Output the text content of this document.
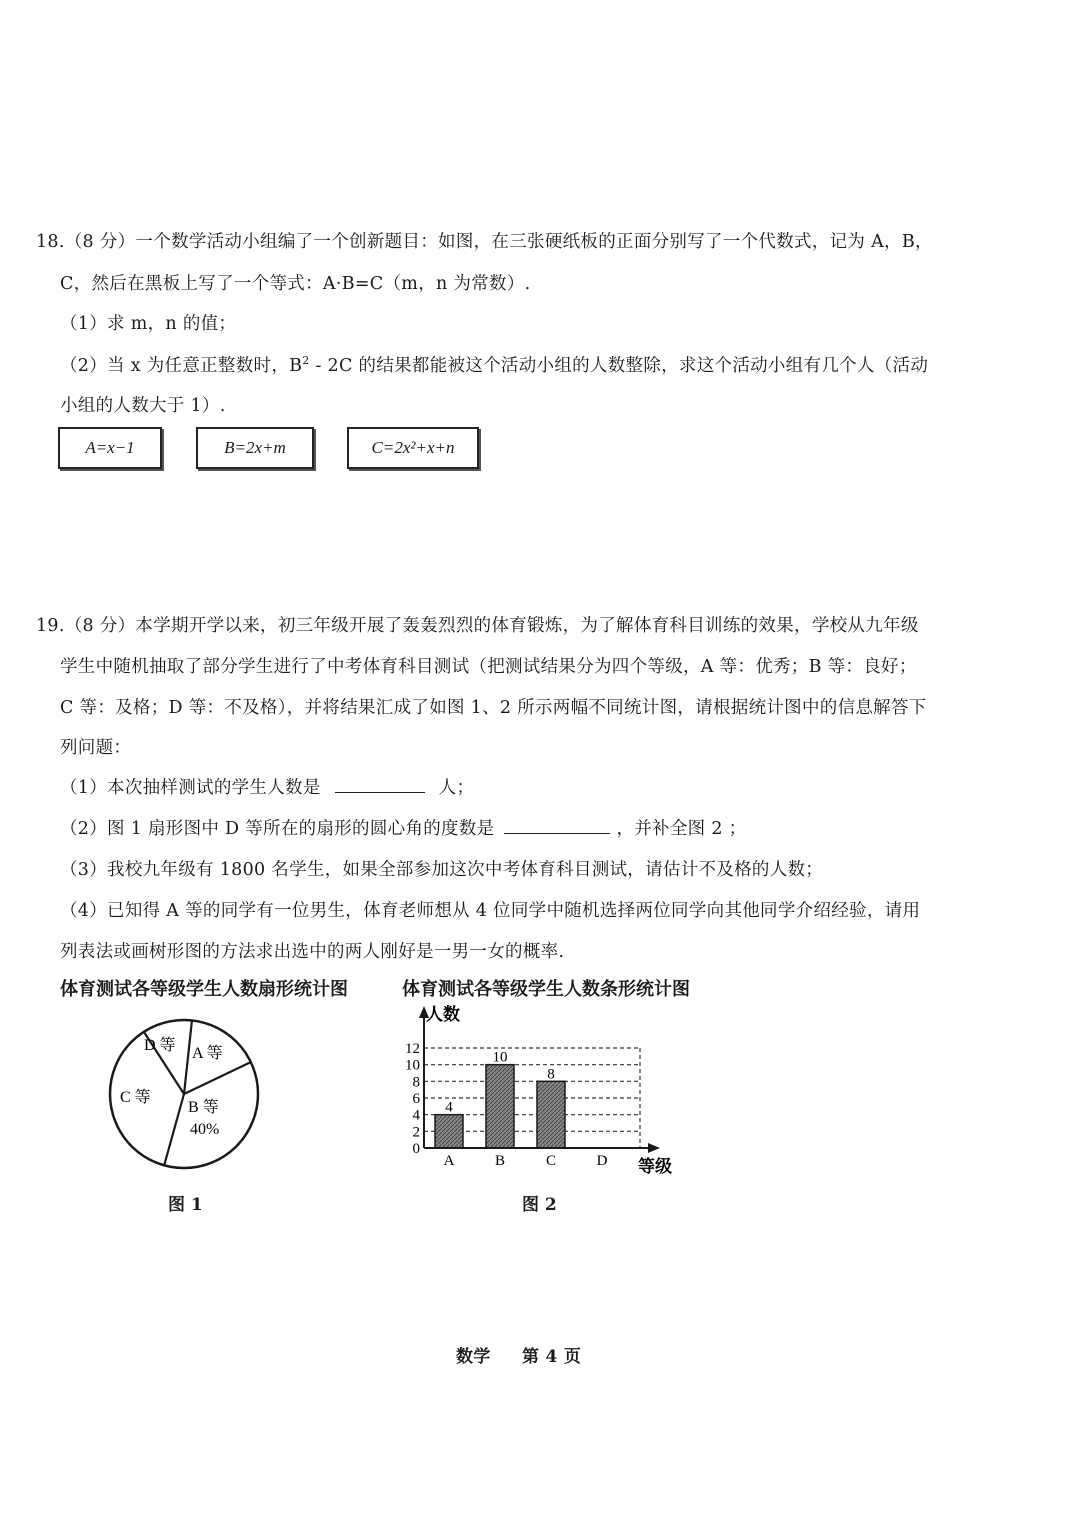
18.（8 分）一个数学活动小组编了一个创新题目：如图，在三张硬纸板的正面分别写了一个代数式，记为 A，B，
C，然后在黑板上写了一个等式：A·B=C（m，n 为常数）.
（1）求 m，n 的值；
（2）当 x 为任意正整数时，$B^2 - 2C$ 的结果都能被这个活动小组的人数整除，求这个活动小组有几个人（活动
小组的人数大于 1）.
A=x−1	B=2x+m	C=2x²+x+n
19.（8 分）本学期开学以来，初三年级开展了轰轰烈烈的体育锻炼，为了解体育科目训练的效果，学校从九年级
学生中随机抽取了部分学生进行了中考体育科目测试（把测试结果分为四个等级，A 等：优秀；B 等：良好；
C 等：及格；D 等：不及格），并将结果汇成了如图 1、2 所示两幅不同统计图，请根据统计图中的信息解答下
列问题：
（1）本次抽样测试的学生人数是	人；
（2）图 1 扇形图中 D 等所在的扇形的圆心角的度数是	，并补全图 2 ；
（3）我校九年级有 1800 名学生，如果全部参加这次中考体育科目测试，请估计不及格的人数；
（4）已知得 A 等的同学有一位男生，体育老师想从 4 位同学中随机选择两位同学向其他同学介绍经验，请用
列表法或画树形图的方法求出选中的两人刚好是一男一女的概率.
体育测试各等级学生人数扇形统计图	体育测试各等级学生人数条形统计图
D 等 A 等
C 等
B 等
40%
0
2
4
6
8
10
12
A	B	C	D
4
10
8
人数
等级
图 1	图 2
数学 第 4 页
